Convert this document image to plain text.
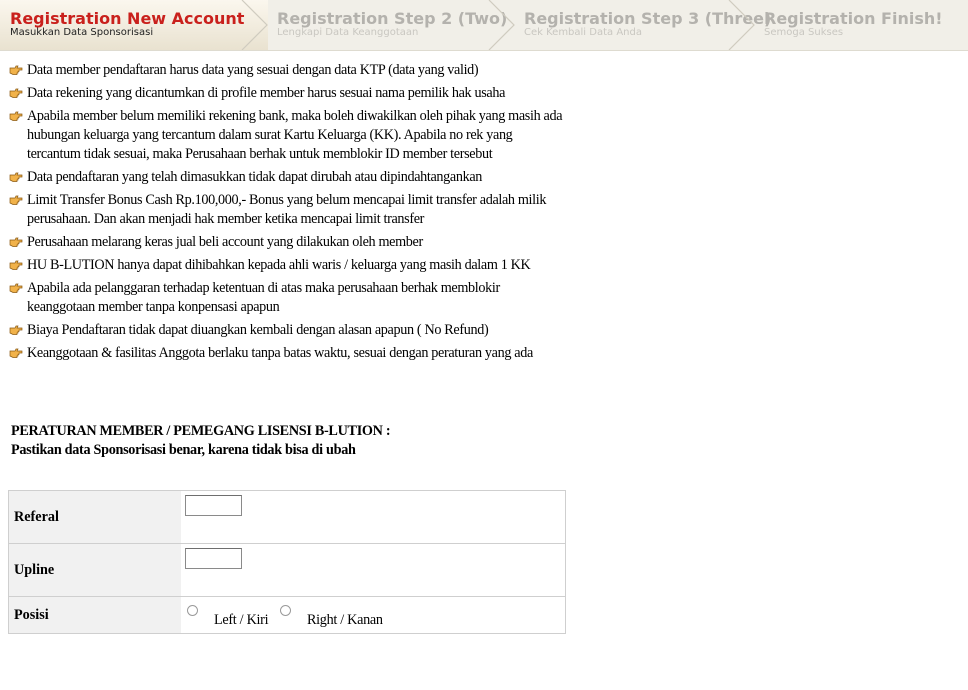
Registration New Account
Masukkan Data Sponsorisasi
Registration Step 2 (Two)
Lengkapi Data Keanggotaan
Registration Step 3 (Three)
Cek Kembali Data Anda
Registration Finish!
Semoga Sukses
Data member pendaftaran harus data yang sesuai dengan data KTP (data yang valid)
Data rekening yang dicantumkan di profile member harus sesuai nama pemilik hak usaha
Apabila member belum memiliki rekening bank, maka boleh diwakilkan oleh pihak yang masih ada hubungan keluarga yang tercantum dalam surat Kartu Keluarga (KK). Apabila no rek yang tercantum tidak sesuai, maka Perusahaan berhak untuk memblokir ID member tersebut
Data pendaftaran yang telah dimasukkan tidak dapat dirubah atau dipindahtangankan
Limit Transfer Bonus Cash Rp.100,000,- Bonus yang belum mencapai limit transfer adalah milik perusahaan. Dan akan menjadi hak member ketika mencapai limit transfer
Perusahaan melarang keras jual beli account yang dilakukan oleh member
HU B-LUTION hanya dapat dihibahkan kepada ahli waris / keluarga yang masih dalam 1 KK
Apabila ada pelanggaran terhadap ketentuan di atas maka perusahaan berhak memblokir keanggotaan member tanpa konpensasi apapun
Biaya Pendaftaran tidak dapat diuangkan kembali dengan alasan apapun ( No Refund)
Keanggotaan & fasilitas Anggota berlaku tanpa batas waktu, sesuai dengan peraturan yang ada
PERATURAN MEMBER / PEMEGANG LISENSI B-LUTION :
Pastikan data Sponsorisasi benar, karena tidak bisa di ubah
Referal
Upline
Posisi	Left / Kiri	Right / Kanan
